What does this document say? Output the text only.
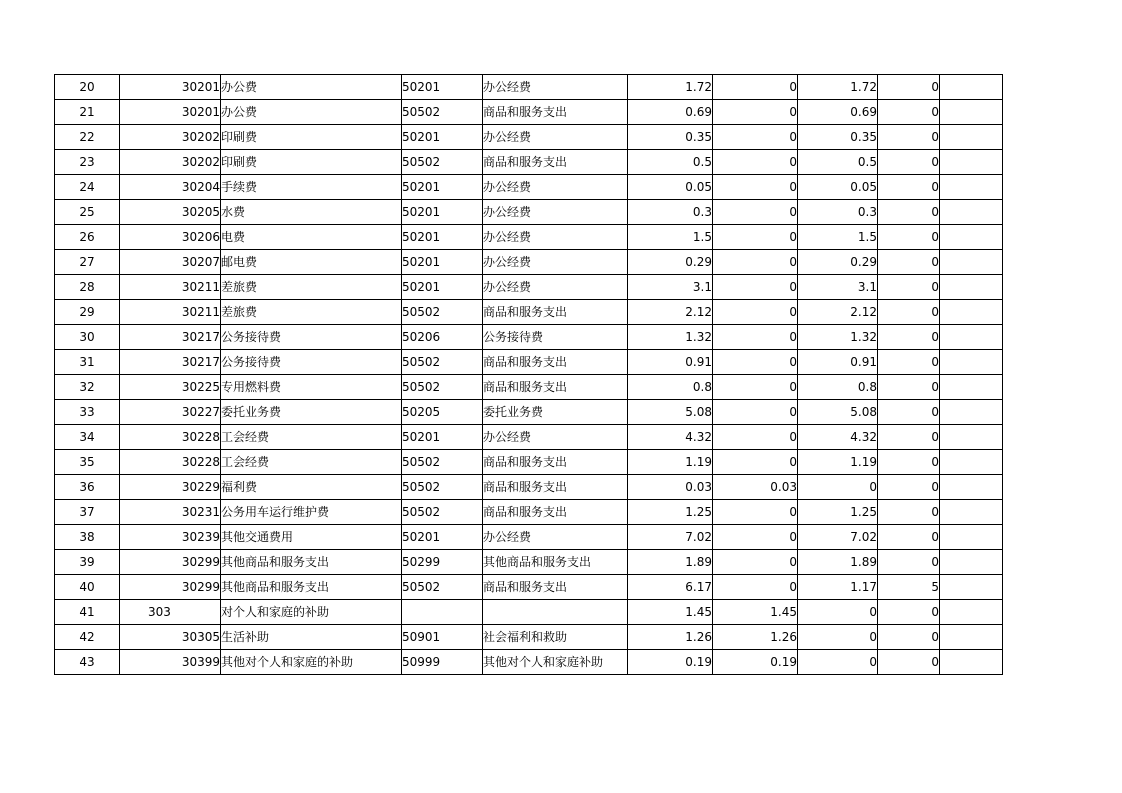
20	30201	办公费	50201	办公经费	1.72	0	1.72	0	
21	30201	办公费	50502	商品和服务支出	0.69	0	0.69	0	
22	30202	印刷费	50201	办公经费	0.35	0	0.35	0	
23	30202	印刷费	50502	商品和服务支出	0.5	0	0.5	0	
24	30204	手续费	50201	办公经费	0.05	0	0.05	0	
25	30205	水费	50201	办公经费	0.3	0	0.3	0	
26	30206	电费	50201	办公经费	1.5	0	1.5	0	
27	30207	邮电费	50201	办公经费	0.29	0	0.29	0	
28	30211	差旅费	50201	办公经费	3.1	0	3.1	0	
29	30211	差旅费	50502	商品和服务支出	2.12	0	2.12	0	
30	30217	公务接待费	50206	公务接待费	1.32	0	1.32	0	
31	30217	公务接待费	50502	商品和服务支出	0.91	0	0.91	0	
32	30225	专用燃料费	50502	商品和服务支出	0.8	0	0.8	0	
33	30227	委托业务费	50205	委托业务费	5.08	0	5.08	0	
34	30228	工会经费	50201	办公经费	4.32	0	4.32	0	
35	30228	工会经费	50502	商品和服务支出	1.19	0	1.19	0	
36	30229	福利费	50502	商品和服务支出	0.03	0.03	0	0	
37	30231	公务用车运行维护费	50502	商品和服务支出	1.25	0	1.25	0	
38	30239	其他交通费用	50201	办公经费	7.02	0	7.02	0	
39	30299	其他商品和服务支出	50299	其他商品和服务支出	1.89	0	1.89	0	
40	30299	其他商品和服务支出	50502	商品和服务支出	6.17	0	1.17	5	
41	303	对个人和家庭的补助			1.45	1.45	0	0	
42	30305	生活补助	50901	社会福利和救助	1.26	1.26	0	0	
43	30399	其他对个人和家庭的补助	50999	其他对个人和家庭补助	0.19	0.19	0	0	
